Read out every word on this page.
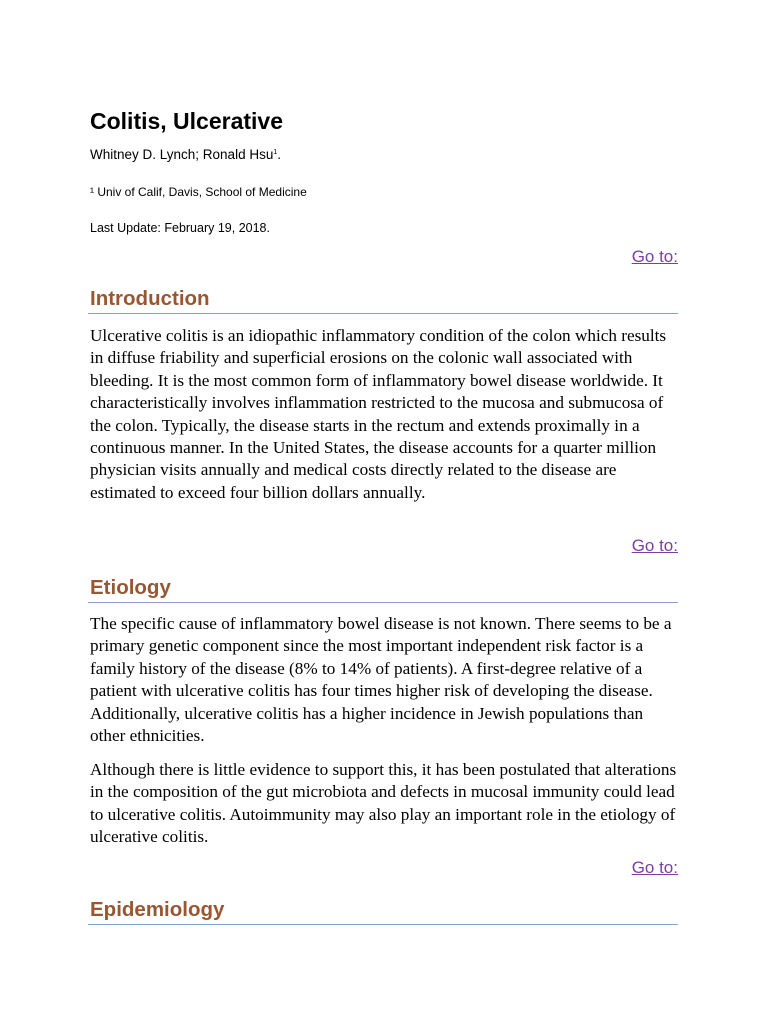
Colitis, Ulcerative
Whitney D. Lynch; Ronald Hsu$^1$.
¹ Univ of Calif, Davis, School of Medicine
Last Update: February 19, 2018.
Go to:
Introduction

Ulcerative colitis is an idiopathic inflammatory condition of the colon which results in diffuse friability and superficial erosions on the colonic wall associated with bleeding. It is the most common form of inflammatory bowel disease worldwide. It characteristically involves inflammation restricted to the mucosa and submucosa of the colon. Typically, the disease starts in the rectum and extends proximally in a continuous manner. In the United States, the disease accounts for a quarter million physician visits annually and medical costs directly related to the disease are estimated to exceed four billion dollars annually.

Go to:
Etiology

The specific cause of inflammatory bowel disease is not known. There seems to be a primary genetic component since the most important independent risk factor is a family history of the disease (8% to 14% of patients). A first-degree relative of a patient with ulcerative colitis has four times higher risk of developing the disease. Additionally, ulcerative colitis has a higher incidence in Jewish populations than other ethnicities.

Although there is little evidence to support this, it has been postulated that alterations in the composition of the gut microbiota and defects in mucosal immunity could lead to ulcerative colitis. Autoimmunity may also play an important role in the etiology of ulcerative colitis.

Go to:
Epidemiology
